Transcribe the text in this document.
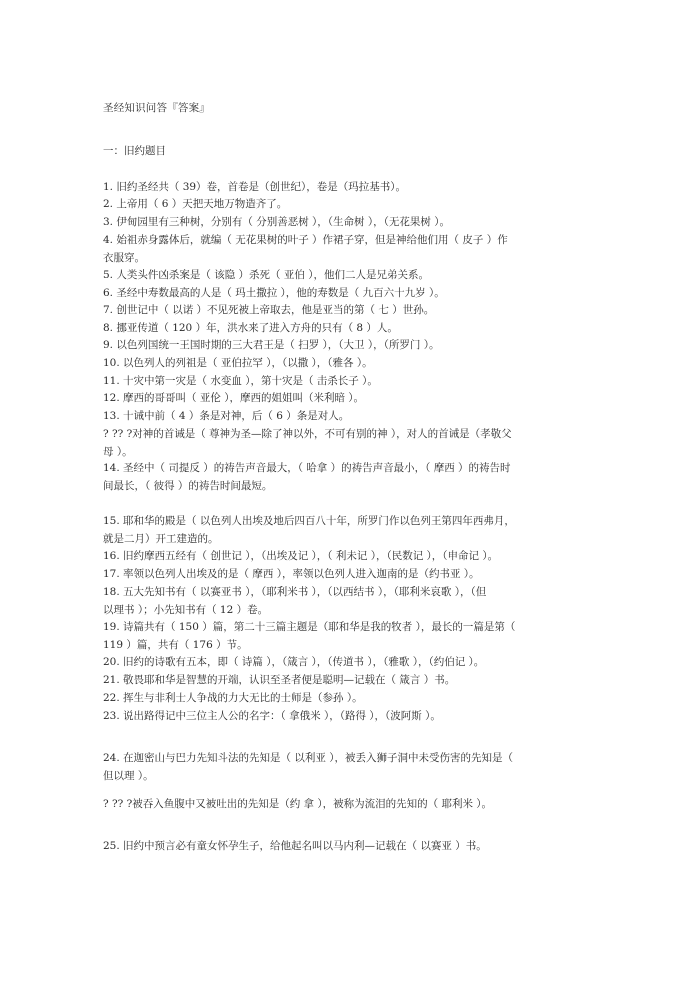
圣经知识问答『答案』
一：旧约题目
1. 旧约圣经共（ 39）卷，首卷是（创世纪），卷是（玛拉基书）。
2. 上帝用（ 6 ）天把天地万物造齐了。
3. 伊甸园里有三种树，分别有（ 分别善恶树 ），（生命树 ），（无花果树 ）。
4. 始祖赤身露体后，就编（ 无花果树的叶子 ）作裙子穿，但是神给他们用（ 皮子 ）作
衣服穿。
5. 人类头件凶杀案是（ 该隐 ）杀死（ 亚伯 ），他们二人是兄弟关系。
6. 圣经中寿数最高的人是（ 玛土撒拉 ），他的寿数是（ 九百六十九岁 ）。
7. 创世记中（ 以诺 ）不见死被上帝取去，他是亚当的第（ 七 ）世孙。
8. 挪亚传道（ 120 ）年，洪水来了进入方舟的只有（ 8 ）人。
9. 以色列国统一王国时期的三大君王是（ 扫罗 ），（大卫 ），（所罗门 ）。
10. 以色列人的列祖是（ 亚伯拉罕 ），（以撒 ），（雅各 ）。
11. 十灾中第一灾是（ 水变血 ），第十灾是（ 击杀长子 ）。
12. 摩西的哥哥叫（ 亚伦 ），摩西的姐姐叫（米利暗 ）。
13. 十诫中前（ 4 ）条是对神，后（ 6 ）条是对人。
? ?? ?对神的首诫是（ 尊神为圣—除了神以外，不可有别的神 ），对人的首诫是（孝敬父
母 ）。
14. 圣经中（ 司提反 ）的祷告声音最大，（ 哈拿 ）的祷告声音最小，（ 摩西 ）的祷告时
间最长，（ 彼得 ）的祷告时间最短。
15. 耶和华的殿是（ 以色列人出埃及地后四百八十年，所罗门作以色列王第四年西弗月，
就是二月）开工建造的。
16. 旧约摩西五经有（ 创世记 ），（出埃及记 ），（ 利未记 ），（民数记 ），（申命记 ）。
17. 率领以色列人出埃及的是（ 摩西 ），率领以色列人进入迦南的是（约书亚 ）。
18. 五大先知书有（ 以赛亚书 ），（耶利米书 ），（以西结书 ），（耶利米哀歌 ），（但
以理书 ）；小先知书有（ 12 ）卷。
19. 诗篇共有（ 150 ）篇，第二十三篇主题是（耶和华是我的牧者 ），最长的一篇是第（
119 ）篇，共有（ 176 ）节。
20. 旧约的诗歌有五本，即（ 诗篇 ），（箴言 ），（传道书 ），（雅歌 ），（约伯记 ）。
21. 敬畏耶和华是智慧的开端，认识至圣者便是聪明—记载在（ 箴言 ）书。
22. 挥生与非利士人争战的力大无比的士师是（参孙 ）。
23. 说出路得记中三位主人公的名字：（ 拿俄米 ），（路得 ），（波阿斯 ）。
24. 在迦密山与巴力先知斗法的先知是（ 以利亚 ），被丢入狮子洞中未受伤害的先知是（
但以理 ）。
? ?? ?被吞入鱼腹中又被吐出的先知是（约 拿 ），被称为流泪的先知的（ 耶利米 ）。
25. 旧约中预言必有童女怀孕生子，给他起名叫以马内利—记载在（ 以赛亚 ）书。
